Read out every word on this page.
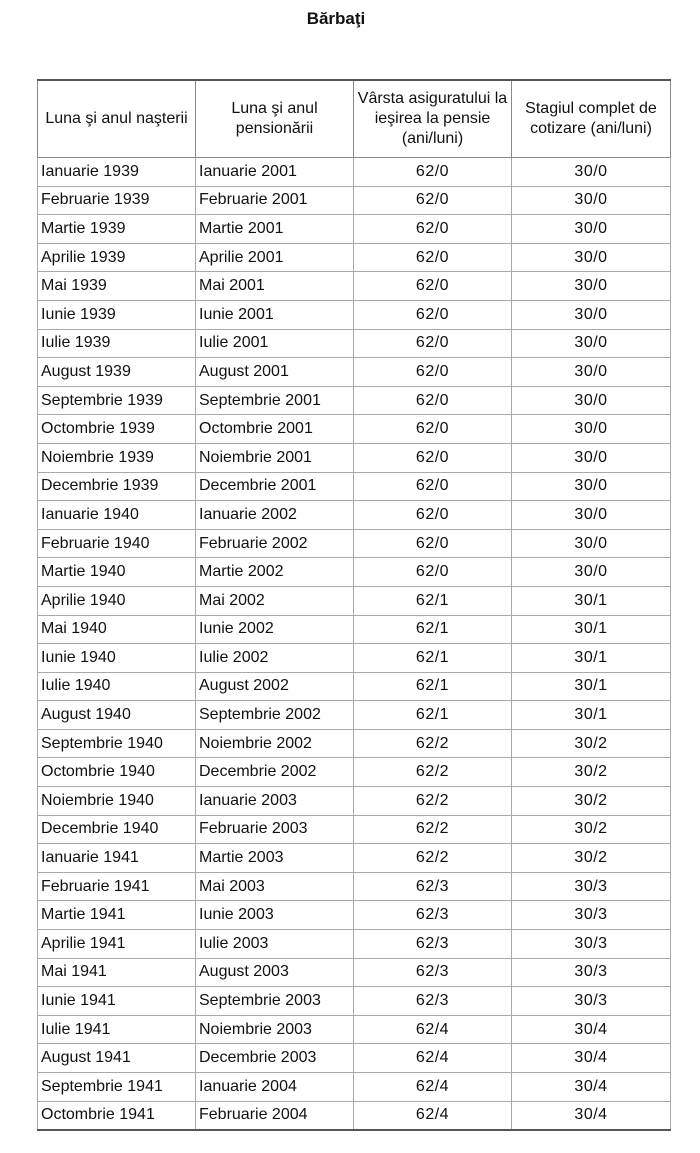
Bărbaţi
Luna şi anul naşterii	Luna şi anul pensionării	Vârsta asiguratului la ieşirea la pensie (ani/luni)	Stagiul complet de cotizare (ani/luni)
Ianuarie 1939	Ianuarie 2001	62/0	30/0
Februarie 1939	Februarie 2001	62/0	30/0
Martie 1939	Martie 2001	62/0	30/0
Aprilie 1939	Aprilie 2001	62/0	30/0
Mai 1939	Mai 2001	62/0	30/0
Iunie 1939	Iunie 2001	62/0	30/0
Iulie 1939	Iulie 2001	62/0	30/0
August 1939	August 2001	62/0	30/0
Septembrie 1939	Septembrie 2001	62/0	30/0
Octombrie 1939	Octombrie 2001	62/0	30/0
Noiembrie 1939	Noiembrie 2001	62/0	30/0
Decembrie 1939	Decembrie 2001	62/0	30/0
Ianuarie 1940	Ianuarie 2002	62/0	30/0
Februarie 1940	Februarie 2002	62/0	30/0
Martie 1940	Martie 2002	62/0	30/0
Aprilie 1940	Mai 2002	62/1	30/1
Mai 1940	Iunie 2002	62/1	30/1
Iunie 1940	Iulie 2002	62/1	30/1
Iulie 1940	August 2002	62/1	30/1
August 1940	Septembrie 2002	62/1	30/1
Septembrie 1940	Noiembrie 2002	62/2	30/2
Octombrie 1940	Decembrie 2002	62/2	30/2
Noiembrie 1940	Ianuarie 2003	62/2	30/2
Decembrie 1940	Februarie 2003	62/2	30/2
Ianuarie 1941	Martie 2003	62/2	30/2
Februarie 1941	Mai 2003	62/3	30/3
Martie 1941	Iunie 2003	62/3	30/3
Aprilie 1941	Iulie 2003	62/3	30/3
Mai 1941	August 2003	62/3	30/3
Iunie 1941	Septembrie 2003	62/3	30/3
Iulie 1941	Noiembrie 2003	62/4	30/4
August 1941	Decembrie 2003	62/4	30/4
Septembrie 1941	Ianuarie 2004	62/4	30/4
Octombrie 1941	Februarie 2004	62/4	30/4
